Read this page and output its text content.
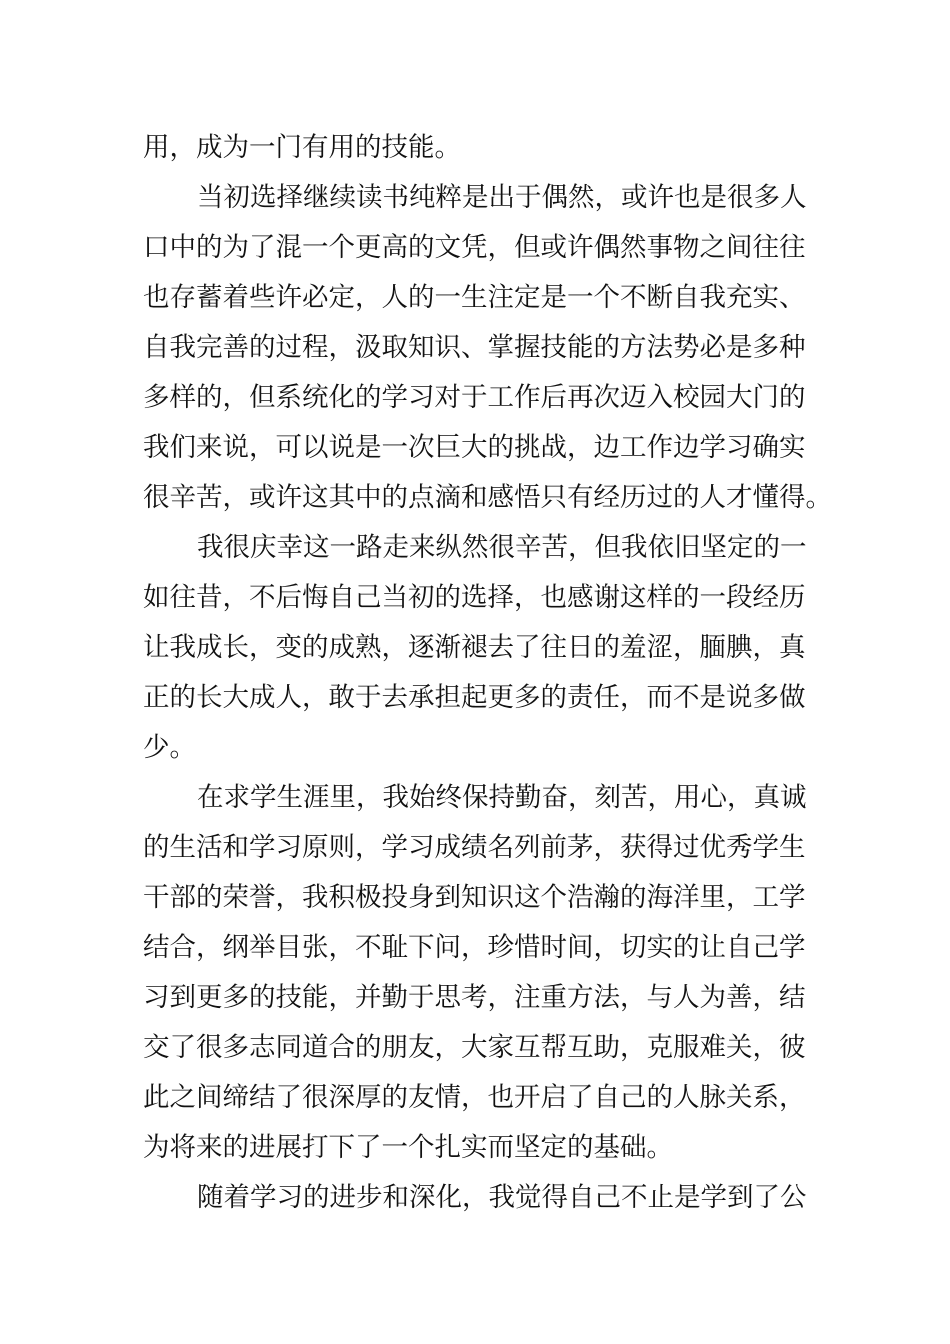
用，成为一门有用的技能。
当初选择继续读书纯粹是出于偶然，或许也是很多人
口中的为了混一个更高的文凭，但或许偶然事物之间往往
也存蓄着些许必定，人的一生注定是一个不断自我充实、
自我完善的过程，汲取知识、掌握技能的方法势必是多种
多样的，但系统化的学习对于工作后再次迈入校园大门的
我们来说，可以说是一次巨大的挑战，边工作边学习确实
很辛苦，或许这其中的点滴和感悟只有经历过的人才懂得。
我很庆幸这一路走来纵然很辛苦，但我依旧坚定的一
如往昔，不后悔自己当初的选择，也感谢这样的一段经历
让我成长，变的成熟，逐渐褪去了往日的羞涩，腼腆，真
正的长大成人，敢于去承担起更多的责任，而不是说多做
少。
在求学生涯里，我始终保持勤奋，刻苦，用心，真诚
的生活和学习原则，学习成绩名列前茅，获得过优秀学生
干部的荣誉，我积极投身到知识这个浩瀚的海洋里，工学
结合，纲举目张，不耻下问，珍惜时间，切实的让自己学
习到更多的技能，并勤于思考，注重方法，与人为善，结
交了很多志同道合的朋友，大家互帮互助，克服难关，彼
此之间缔结了很深厚的友情，也开启了自己的人脉关系，
为将来的进展打下了一个扎实而坚定的基础。
随着学习的进步和深化，我觉得自己不止是学到了公
